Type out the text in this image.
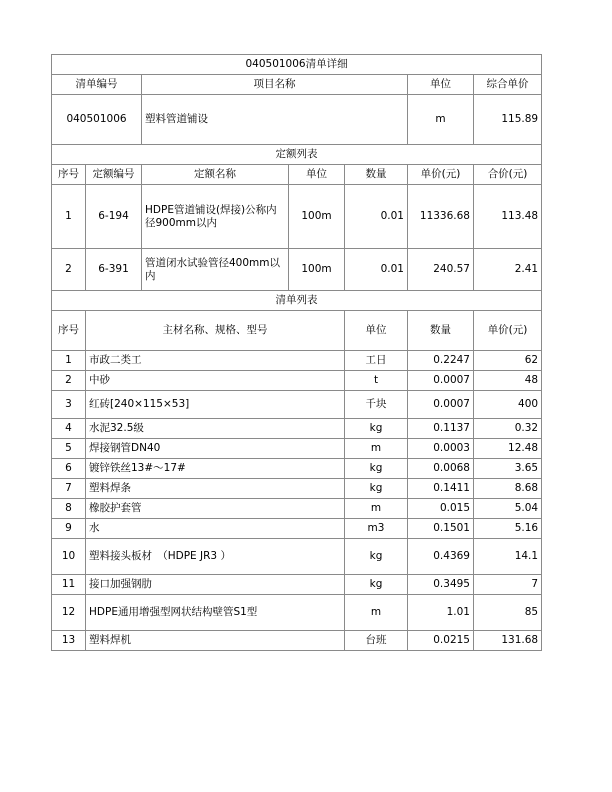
040501006清单详细							
清单编号		项目名称			单位	综合单价	
040501006		塑料管道铺设			m	115.89	
定额列表							
序号	定额编号	定额名称	单位	数量	单价(元)	合价(元)	
1	6-194	HDPE管道铺设(焊接)公称内径900mm以内	100m	0.01	11336.68	113.48	
2	6-391	管道闭水试验管径400mm以内	100m	0.01	240.57	2.41	
清单列表							
序号	主材名称、规格、型号			单位	数量	单价(元)	
1	市政二类工			工日	0.2247	62	
2	中砂			t	0.0007	48	
3	红砖[240×115×53]			千块	0.0007	400	
4	水泥32.5级			kg	0.1137	0.32	
5	焊接钢管DN40			m	0.0003	12.48	
6	镀锌铁丝13#～17#			kg	0.0068	3.65	
7	塑料焊条			kg	0.1411	8.68	
8	橡胶护套管			m	0.015	5.04	
9	水			m3	0.1501	5.16	
10	塑料接头板材　（HDPE JR3 ）			kg	0.4369	14.1	
11	接口加强钢肋			kg	0.3495	7	
12	HDPE通用增强型网状结构壁管S1型			m	1.01	85	
13	塑料焊机			台班	0.0215	131.68	
